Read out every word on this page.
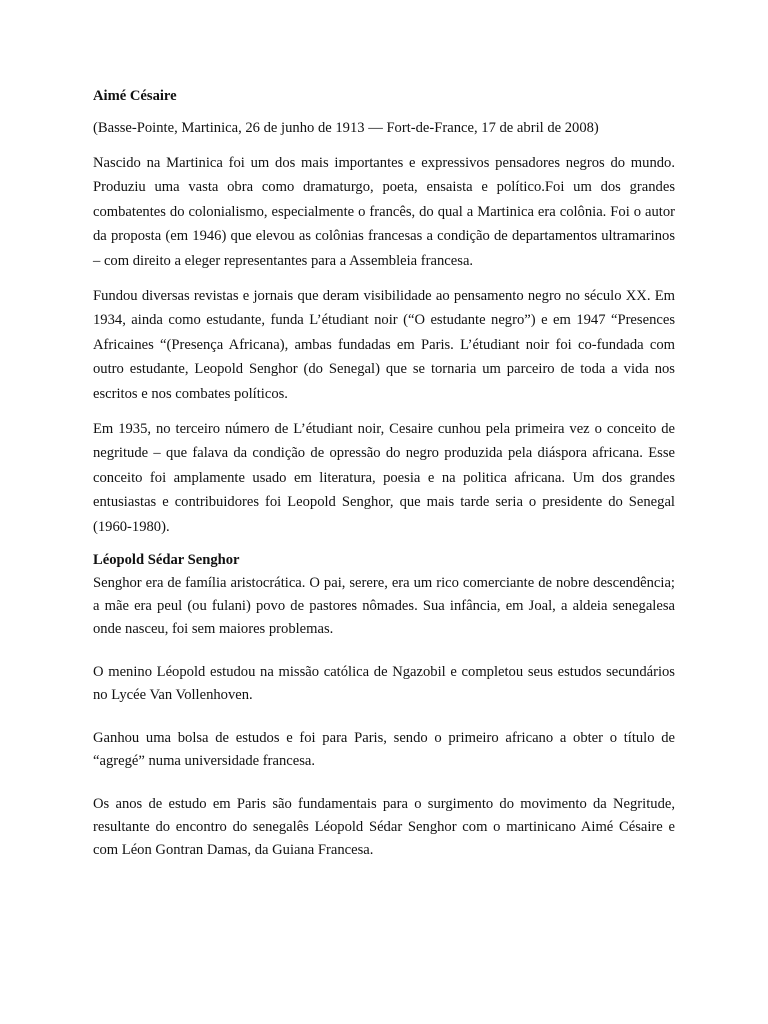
Aimé Césaire
(Basse-Pointe, Martinica, 26 de junho de 1913 — Fort-de-France, 17 de abril de 2008)
Nascido na Martinica foi um dos mais importantes e expressivos pensadores negros do mundo. Produziu uma vasta obra como dramaturgo, poeta, ensaista e político.Foi um dos grandes combatentes do colonialismo, especialmente o francês, do qual a Martinica era colônia. Foi o autor da proposta (em 1946) que elevou as colônias francesas a condição de departamentos ultramarinos – com direito a eleger representantes para a Assembleia francesa.
Fundou diversas revistas e jornais que deram visibilidade ao pensamento negro no século XX. Em 1934, ainda como estudante, funda L’étudiant noir (“O estudante negro”) e em 1947 “Presences Africaines “(Presença Africana), ambas fundadas em Paris. L’étudiant noir foi co-fundada com outro estudante, Leopold Senghor (do Senegal) que se tornaria um parceiro de toda a vida nos escritos e nos combates políticos.
Em 1935, no terceiro número de L’étudiant noir, Cesaire cunhou pela primeira vez o conceito de negritude – que falava da condição de opressão do negro produzida pela diáspora africana. Esse conceito foi amplamente usado em literatura, poesia e na politica africana. Um dos grandes entusiastas e contribuidores foi Leopold Senghor, que mais tarde seria o presidente do Senegal (1960-1980).
Léopold Sédar Senghor
Senghor era de família aristocrática. O pai, serere, era um rico comerciante de nobre descendência; a mãe era peul (ou fulani) povo de pastores nômades. Sua infância, em Joal, a aldeia senegalesa onde nasceu, foi sem maiores problemas.
O menino Léopold estudou na missão católica de Ngazobil e completou seus estudos secundários no Lycée Van Vollenhoven.
Ganhou uma bolsa de estudos e foi para Paris, sendo o primeiro africano a obter o título de “agregé” numa universidade francesa.
Os anos de estudo em Paris são fundamentais para o surgimento do movimento da Negritude, resultante do encontro do senegalês Léopold Sédar Senghor com o martinicano Aimé Césaire e com Léon Gontran Damas, da Guiana Francesa.
